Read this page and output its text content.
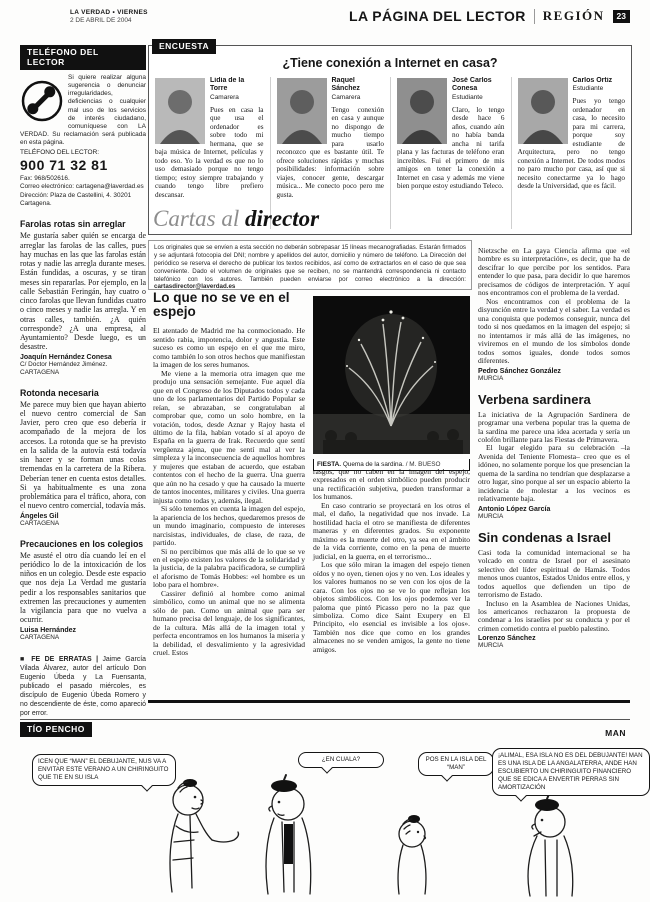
LA VERDAD • VIERNES
2 DE ABRIL DE 2004	LA PÁGINA DEL LECTOR REGIÓN	23
TELÉFONO DEL LECTOR
Si quiere realizar alguna sugerencia o denunciar irregularidades, deficiencias o cualquier mal uso de los servicios de interés ciudadano, comuníquese con LA VERDAD. Su reclamación será publicada en esta página.
TELÉFONO DEL LECTOR:
900 71 32 81
Fax: 968/502616.
Correo electrónico: cartagena@laverdad.es
Dirección: Plaza de Castellini, 4. 30201 Cartagena.
Farolas rotas sin arreglar
Me gustaría saber quién se encarga de arreglar las farolas de las calles, pues hay muchas en las que las farolas están rotas y nadie las arregla durante meses. Están fundidas, a oscuras, y se tiran meses sin repararlas. Por ejemplo, en la calle Sebastián Feringán, hay cuatro o cinco farolas que llevan fundidas cuatro o cinco meses y nadie las arregla. Y en otras calles, también. ¿A quién corresponde? ¿A una empresa, al Ayuntamiento? Desde luego, es un desastre.
Joaquín Hernández Conesa
C/ Doctor Hernández Jiménez. CARTAGENA
Rotonda necesaria
Me parece muy bien que hayan abierto el nuevo centro comercial de San Javier, pero creo que eso debería ir acompañado de la mejora de los accesos. La rotonda que se ha previsto en la salida de la autovía está todavía sin hacer y se forman unas colas tremendas en la carretera de la Ribera. Deberían tener en cuenta estos detalles. Si ya habitualmente es una zona problemática para el tráfico, ahora, con el nuevo centro comercial, todavía más.
Ángeles Gil
CARTAGENA
Precauciones en los colegios
Me asusté el otro día cuando leí en el periódico lo de la intoxicación de los niños en un colegio. Desde este espacio que nos deja La Verdad me gustaría pedir a los responsables sanitarios que extremen las precauciones y aumenten la vigilancia para que no vuelva a ocurrir.
Luisa Hernández
CARTAGENA
■ FE DE ERRATAS | Jaime García Vilada Álvarez, autor del artículo Don Eugenio Úbeda y La Fuensanta, publicado el pasado miércoles, es discípulo de Eugenio Úbeda Romero y no descendiente de éste, como apareció por error.
ENCUESTA
¿Tiene conexión a Internet en casa?
Lidia de la Torre
Camarera
Pues en casa la que usa el ordenador es sobre todo mi hermana, que se baja música de Internet, películas y todo eso. Yo la verdad es que no lo uso demasiado porque no tengo tiempo; estoy siempre trabajando y cuando tengo libre prefiero descansar.
Raquel Sánchez
Camarera
Tengo conexión en casa y aunque no dispongo de mucho tiempo para usarlo reconozco que es bastante útil. Te ofrece soluciones rápidas y muchas posibilidades: información sobre viajes, conocer gente, descargar música... Me conecto poco pero me gusta.
José Carlos Conesa
Estudiante
Claro, lo tengo desde hace 6 años, cuando aún no había banda ancha ni tarifa plana y las facturas de teléfono eran increíbles. Fui el primero de mis amigos en tener la conexión a Internet en casa y además me viene bien porque estoy estudiando Teleco.
Carlos Ortiz
Estudiante
Pues yo tengo ordenador en casa, lo necesito para mi carrera, porque soy estudiante de Arquitectura, pero no tengo conexión a Internet. De todos modos no paro mucho por casa, así que si necesito conectarme ya lo hago desde la Universidad, que es fácil.
Cartas al director
Los originales que se envíen a esta sección no deberán sobrepasar 15 líneas mecanografiadas. Estarán firmados y se adjuntará fotocopia del DNI; nombre y apellidos del autor, domicilio y número de teléfono. La Dirección del periódico se reserva el derecho de publicar los textos recibidos, así como de extractarlos en el caso de que sea conveniente. Dado el volumen de originales que se reciben, no se mantendrá correspondencia ni contacto telefónico con los autores. También pueden enviarse por correo electrónico a la dirección: cartasdirector@laverdad.es
Lo que no se ve en el espejo

El atentado de Madrid me ha conmocionado. He sentido rabia, impotencia, dolor y angustia. Este suceso es como un espejo en el que me miro, como también lo son otros hechos que manifiestan la imagen de los seres humanos.

Me viene a la memoria otra imagen que me produjo una sensación semejante. Fue aquel día que en el Congreso de los Diputados todos y cada uno de los parlamentarios del Partido Popular se reían, se abrazaban, se congratulaban al comprobar que, como un solo hombre, en la votación, todos, desde Aznar y Rajoy hasta el último de la fila, habían votado sí al apoyo de España en la guerra de Irak. Recuerdo que sentí vergüenza ajena, que me sentí mal al ver la simpleza y la inconsecuencia de aquellos hombres y mujeres que estaban de acuerdo, que estaban contentos con el hecho de la guerra. Una guerra que aún no ha cesado y que ha causado la muerte de tantos inocentes, militares y civiles. Una guerra injusta como todas y, además, ilegal.

Si sólo tenemos en cuenta la imagen del espejo, la apariencia de los hechos, quedaremos presos de un mundo imaginario, compuesto de intereses narcisistas, individuales, de clase, de raza, de partido.

Si no percibimos que más allá de lo que se ve en el espejo existen los valores de la solidaridad y la justicia, de la palabra pacificadora, se cumplirá el aforismo de Tomás Hobbes: «el hombre es un lobo para el hombre».

Cassirer definió al hombre como animal simbólico, como un animal que no se alimenta sólo de pan. Como un animal que para ser humano precisa del lenguaje, de los significantes, de la cultura. Más allá de la imagen total y perfecta encontramos en los humanos la miseria y la debilidad, el desvalimiento y la agresividad cruel. Estos

FIESTA. Quema de la sardina. / M. BUESO

rasgos, que no caben en la imagen del espejo, expresados en el orden simbólico pueden producir una rectificación subjetiva, pueden transformar a los humanos.

En caso contrario se proyectará en los otros el mal, el daño, la negatividad que nos invade. La hostilidad hacia el otro se manifiesta de diferentes maneras y en diferentes grados. Su exponente máximo es la muerte del otro, ya sea en el ámbito de la vida corriente, como en la pena de muerte judicial, en la guerra, en el terrorismo...

Los que sólo miran la imagen del espejo tienen oídos y no oyen, tienen ojos y no ven. Los ideales y los valores humanos no se ven con los ojos de la cara. Con los ojos no se ve lo que reflejan los objetos simbólicos. Con los ojos podemos ver la paloma que pintó Picasso pero no la paz que simboliza. Como dice Saint Exupery en El Principito, «lo esencial es invisible a los ojos». También nos dice que como en los grandes almacenes no se venden amigos, la gente no tiene amigos.

Nietzsche en La gaya Ciencia afirma que «el hombre es su interpretación», es decir, que ha de descifrar lo que percibe por los sentidos. Para entender lo que pasa, para decidir lo que haremos precisamos de códigos de interpretación. Y aquí nos encontramos con el problema de la verdad.

Nos encontramos con el problema de la disyunción entre la verdad y el saber. La verdad es una conquista que podemos conseguir, nunca del todo si nos quedamos en la imagen del espejo; si no intentamos ir más allá de las imágenes, no viviremos en el mundo de los símbolos donde todos somos iguales, donde todos somos diferentes.

Pedro Sánchez González
MURCIA
Verbena sardinera

La iniciativa de la Agrupación Sardinera de programar una verbena popular tras la quema de la sardina me parece una idea acertada y sería un colofón brillante para las Fiestas de Primavera.

El lugar elegido para su celebración –la Avenida del Teniente Flomesta– creo que es el idóneo, no solamente porque los que presencian la quema de la sardina no tendrían que desplazarse a otro lugar, sino porque al ser un espacio abierto la incidencia de molestar a los vecinos es relativamente baja.

Antonio López García
MURCIA
Sin condenas a Israel

Casi toda la comunidad internacional se ha volcado en contra de Israel por el asesinato selectivo del líder espiritual de Hamás. Todos menos unos cuantos, Estados Unidos entre ellos, y todos aquellos que defienden un tipo de terrorismo de Estado.

Incluso en la Asamblea de Naciones Unidas, los americanos rechazaron la propuesta de condenar a los israelíes por su conducta y por el crimen cometido contra el pueblo palestino.

Lorenzo Sánchez
MURCIA
TÍO PENCHO	MAN
ICEN QUE “MAN” EL DEBUJANTE, NUS VA A ENVITAR ESTE VERANO A UN CHIRINGUITO QUE TIE EN SU ISLA
¿EN CUALA?	POS EN LA ISLA DEL “MAN”
¡ALIMAL, ESA ISLA NO ES DEL DEBUJANTE! MAN ES UNA ISLA DE LA ANGALATERRA, ANDE HAN ESCUBIERTO UN CHIRINGUITO FINANCIERO QUE SE EDICA A ENVERTIR PERRAS SIN AMORTIZACIÓN
